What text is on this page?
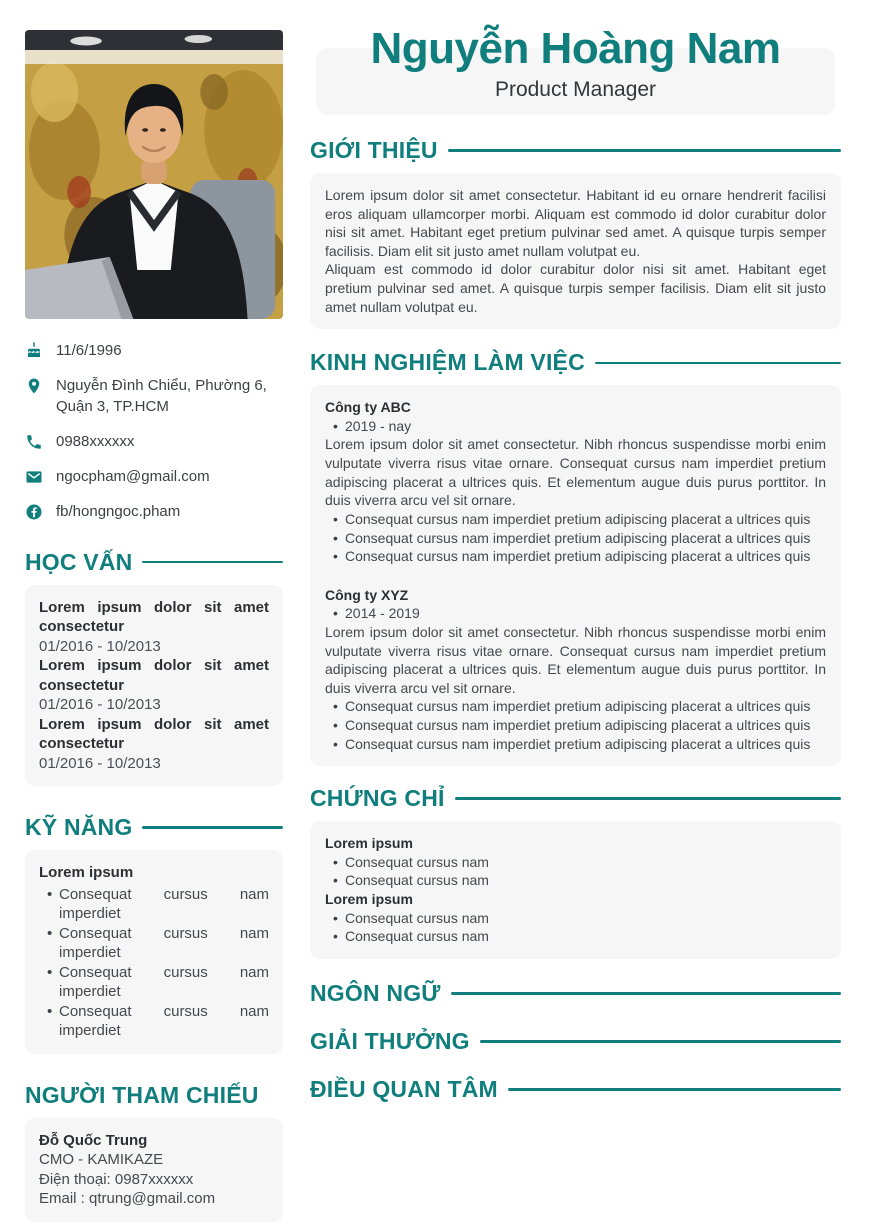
11/6/1996
Nguyễn Đình Chiểu, Phường 6, Quận 3, TP.HCM
0988xxxxxx
ngocpham@gmail.com
fb/hongngoc.pham
HỌC VẤN
Lorem ipsum dolor sit amet consectetur
01/2016 - 10/2013
Lorem ipsum dolor sit amet consectetur
01/2016 - 10/2013
Lorem ipsum dolor sit amet consectetur
01/2016 - 10/2013
KỸ NĂNG
Lorem ipsum
• Consequat cursus nam imperdiet
• Consequat cursus nam imperdiet
• Consequat cursus nam imperdiet
• Consequat cursus nam imperdiet
NGƯỜI THAM CHIẾU
Đỗ Quốc Trung
CMO - KAMIKAZE
Điện thoại: 0987xxxxxx
Email : qtrung@gmail.com
Nguyễn Hoàng Nam
Product Manager
GIỚI THIỆU

Lorem ipsum dolor sit amet consectetur. Habitant id eu ornare hendrerit facilisi eros aliquam ullamcorper morbi. Aliquam est commodo id dolor curabitur dolor nisi sit amet. Habitant eget pretium pulvinar sed amet. A quisque turpis semper facilisis. Diam elit sit justo amet nullam volutpat eu.

Aliquam est commodo id dolor curabitur dolor nisi sit amet. Habitant eget pretium pulvinar sed amet. A quisque turpis semper facilisis. Diam elit sit justo amet nullam volutpat eu.

KINH NGHIỆM LÀM VIỆC
Công ty ABC
• 2019 - nay
Lorem ipsum dolor sit amet consectetur. Nibh rhoncus suspendisse morbi enim vulputate viverra risus vitae ornare. Consequat cursus nam imperdiet pretium adipiscing placerat a ultrices quis. Et elementum augue duis purus porttitor. In duis viverra arcu vel sit ornare.
• Consequat cursus nam imperdiet pretium adipiscing placerat a ultrices quis
• Consequat cursus nam imperdiet pretium adipiscing placerat a ultrices quis
• Consequat cursus nam imperdiet pretium adipiscing placerat a ultrices quis
Công ty XYZ
• 2014 - 2019
Lorem ipsum dolor sit amet consectetur. Nibh rhoncus suspendisse morbi enim vulputate viverra risus vitae ornare. Consequat cursus nam imperdiet pretium adipiscing placerat a ultrices quis. Et elementum augue duis purus porttitor. In duis viverra arcu vel sit ornare.
• Consequat cursus nam imperdiet pretium adipiscing placerat a ultrices quis
• Consequat cursus nam imperdiet pretium adipiscing placerat a ultrices quis
• Consequat cursus nam imperdiet pretium adipiscing placerat a ultrices quis
CHỨNG CHỈ
Lorem ipsum
• Consequat cursus nam
• Consequat cursus nam
Lorem ipsum
• Consequat cursus nam
• Consequat cursus nam
NGÔN NGỮ
GIẢI THƯỞNG
ĐIỀU QUAN TÂM
